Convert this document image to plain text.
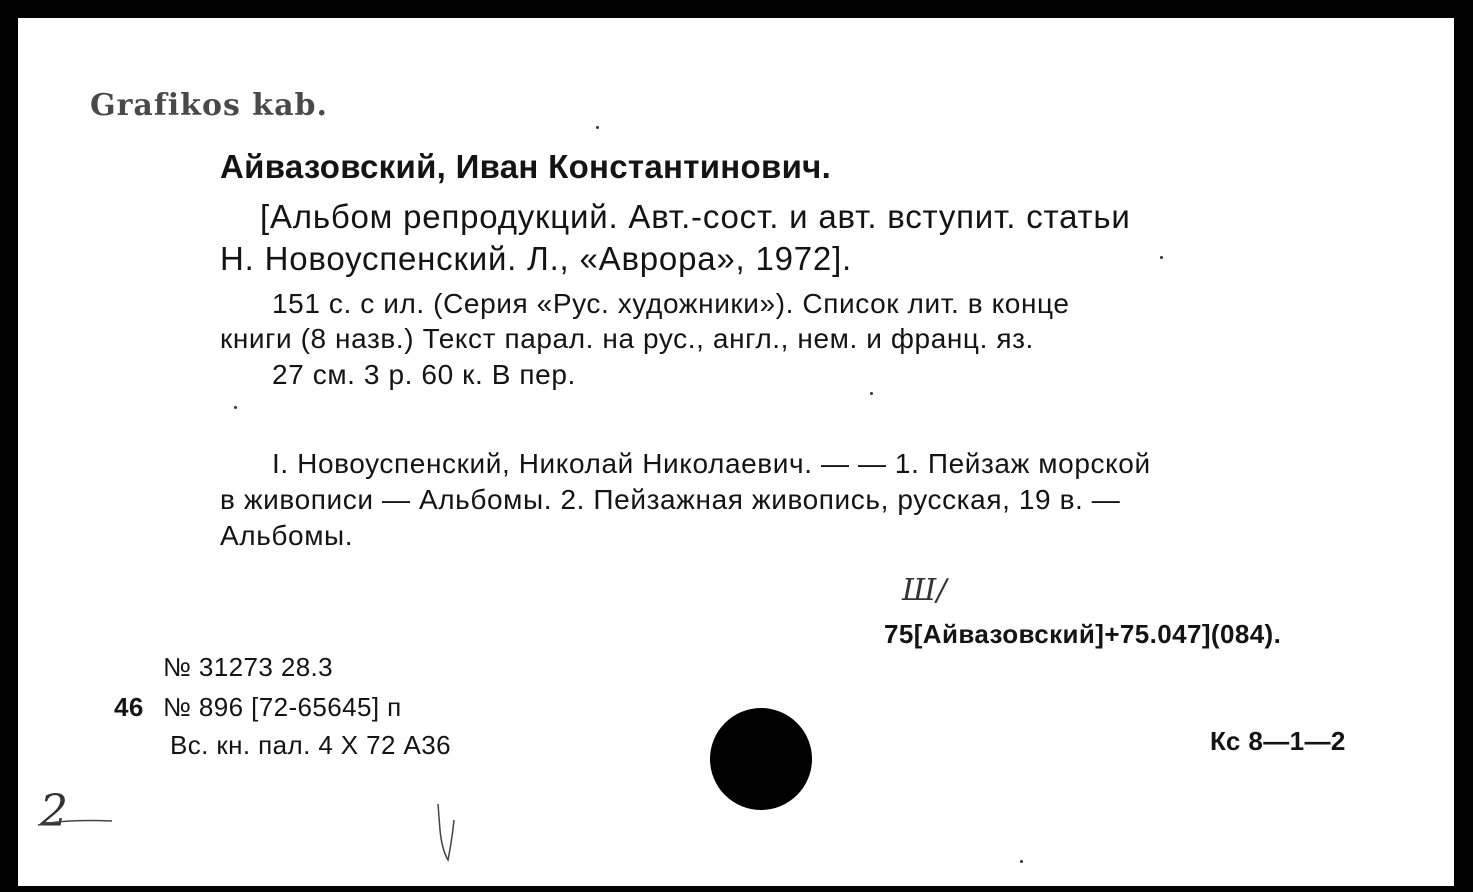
Grafikos kab.
Айвазовский, Иван Константинович.
[Альбом репродукций. Авт.-сост. и авт. вступит. статьи
Н. Новоуспенский. Л., «Аврора», 1972].
151 с. с ил. (Серия «Рус. художники»). Список лит. в конце
книги (8 назв.) Текст парал. на рус., англ., нем. и франц. яз.
27 см. 3 р. 60 к. В пер.
I. Новоуспенский, Николай Николаевич. — — 1. Пейзаж морской
в живописи — Альбомы. 2. Пейзажная живопись, русская, 19 в. —
Альбомы.
Ш/
75[Айвазовский]+75.047](084).
№ 31273 28.3
46 № 896 [72-65645] п
Вс. кн. пал. 4 Х 72 А36	Кс 8—1—2
2
